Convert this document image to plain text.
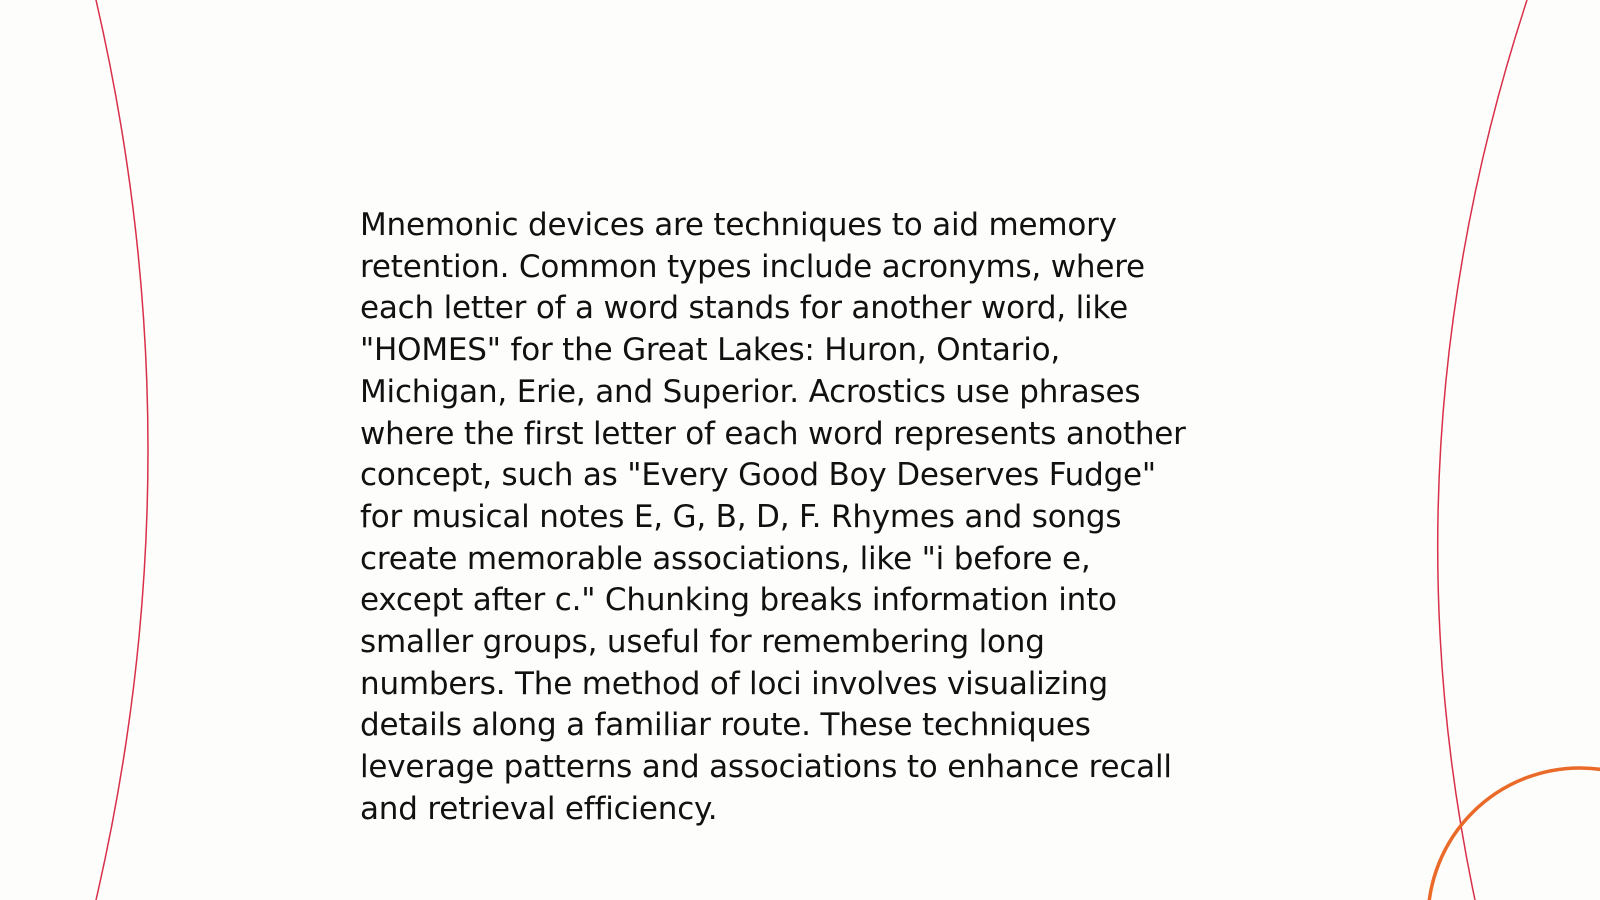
Mnemonic devices are techniques to aid memory
retention. Common types include acronyms, where
each letter of a word stands for another word, like
"HOMES" for the Great Lakes: Huron, Ontario,
Michigan, Erie, and Superior. Acrostics use phrases
where the first letter of each word represents another
concept, such as "Every Good Boy Deserves Fudge"
for musical notes E, G, B, D, F. Rhymes and songs
create memorable associations, like "i before e,
except after c." Chunking breaks information into
smaller groups, useful for remembering long
numbers. The method of loci involves visualizing
details along a familiar route. These techniques
leverage patterns and associations to enhance recall
and retrieval efficiency.
